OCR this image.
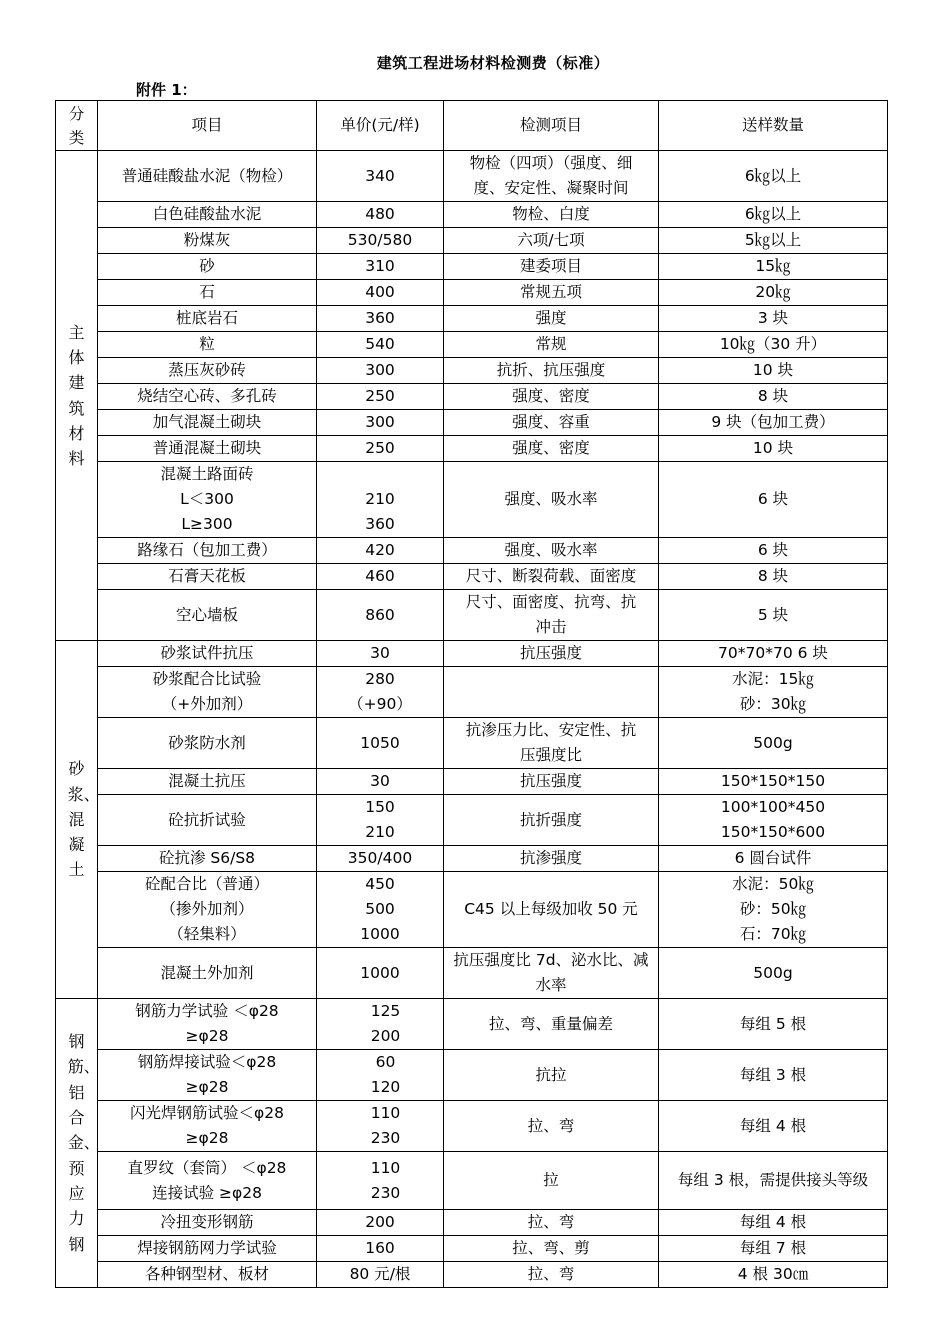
建筑工程进场材料检测费（标准）
附件 1：
分类	项目	单价(元/样)	检测项目	送样数量

主体建筑材料	普通硅酸盐水泥（物检）	340	物检（四项）（强度、细
度、安定性、凝聚时间	6㎏以上

	白色硅酸盐水泥	480	物检、白度	6㎏以上

	粉煤灰	530/580	六项/七项	5㎏以上

	砂	310	建委项目	15㎏

	石	400	常规五项	20㎏

	桩底岩石	360	强度	3 块

	粒	540	常规	10㎏（30 升）

	蒸压灰砂砖	300	抗折、抗压强度	10 块

	烧结空心砖、多孔砖	250	强度、密度	8 块

	加气混凝土砌块	300	强度、容重	9 块（包加工费）

	普通混凝土砌块	250	强度、密度	10 块

	混凝土路面砖
L＜300
L≥300	210
360	强度、吸水率	6 块

	路缘石（包加工费）	420	强度、吸水率	6 块

	石膏天花板	460	尺寸、断裂荷载、面密度	8 块

	空心墙板	860	尺寸、面密度、抗弯、抗
冲击	5 块

砂浆、混凝土	砂浆试件抗压	30	抗压强度	70*70*70 6 块

	砂浆配合比试验
（+外加剂）	280
（+90）		水泥：15㎏
砂：30㎏

	砂浆防水剂	1050	抗渗压力比、安定性、抗
压强度比	500g

	混凝土抗压	30	抗压强度	150*150*150

	砼抗折试验	150
210	抗折强度	100*100*450
150*150*600

	砼抗渗 S6/S8	350/400	抗渗强度	6 圆台试件

	砼配合比（普通）
（掺外加剂）
（轻集料）	450
500
1000	C45 以上每级加收 50 元	水泥：50㎏
砂：50㎏
石：70㎏

	混凝土外加剂	1000	抗压强度比 7d、泌水比、减
水率	500g

钢筋、铝合金、预应力钢	钢筋力学试验 ＜φ28
≥φ28	125
200	拉、弯、重量偏差	每组 5 根

	钢筋焊接试验＜φ28
≥φ28	60
120	抗拉	每组 3 根

	闪光焊钢筋试验＜φ28
≥φ28	110
230	拉、弯	每组 4 根

	直罗纹（套筒） ＜φ28
连接试验 ≥φ28	110
230	拉	每组 3 根，需提供接头等级

	冷扭变形钢筋	200	拉、弯	每组 4 根

	焊接钢筋网力学试验	160	拉、弯、剪	每组 7 根

	各种钢型材、板材	80 元/根	拉、弯	4 根 30㎝
